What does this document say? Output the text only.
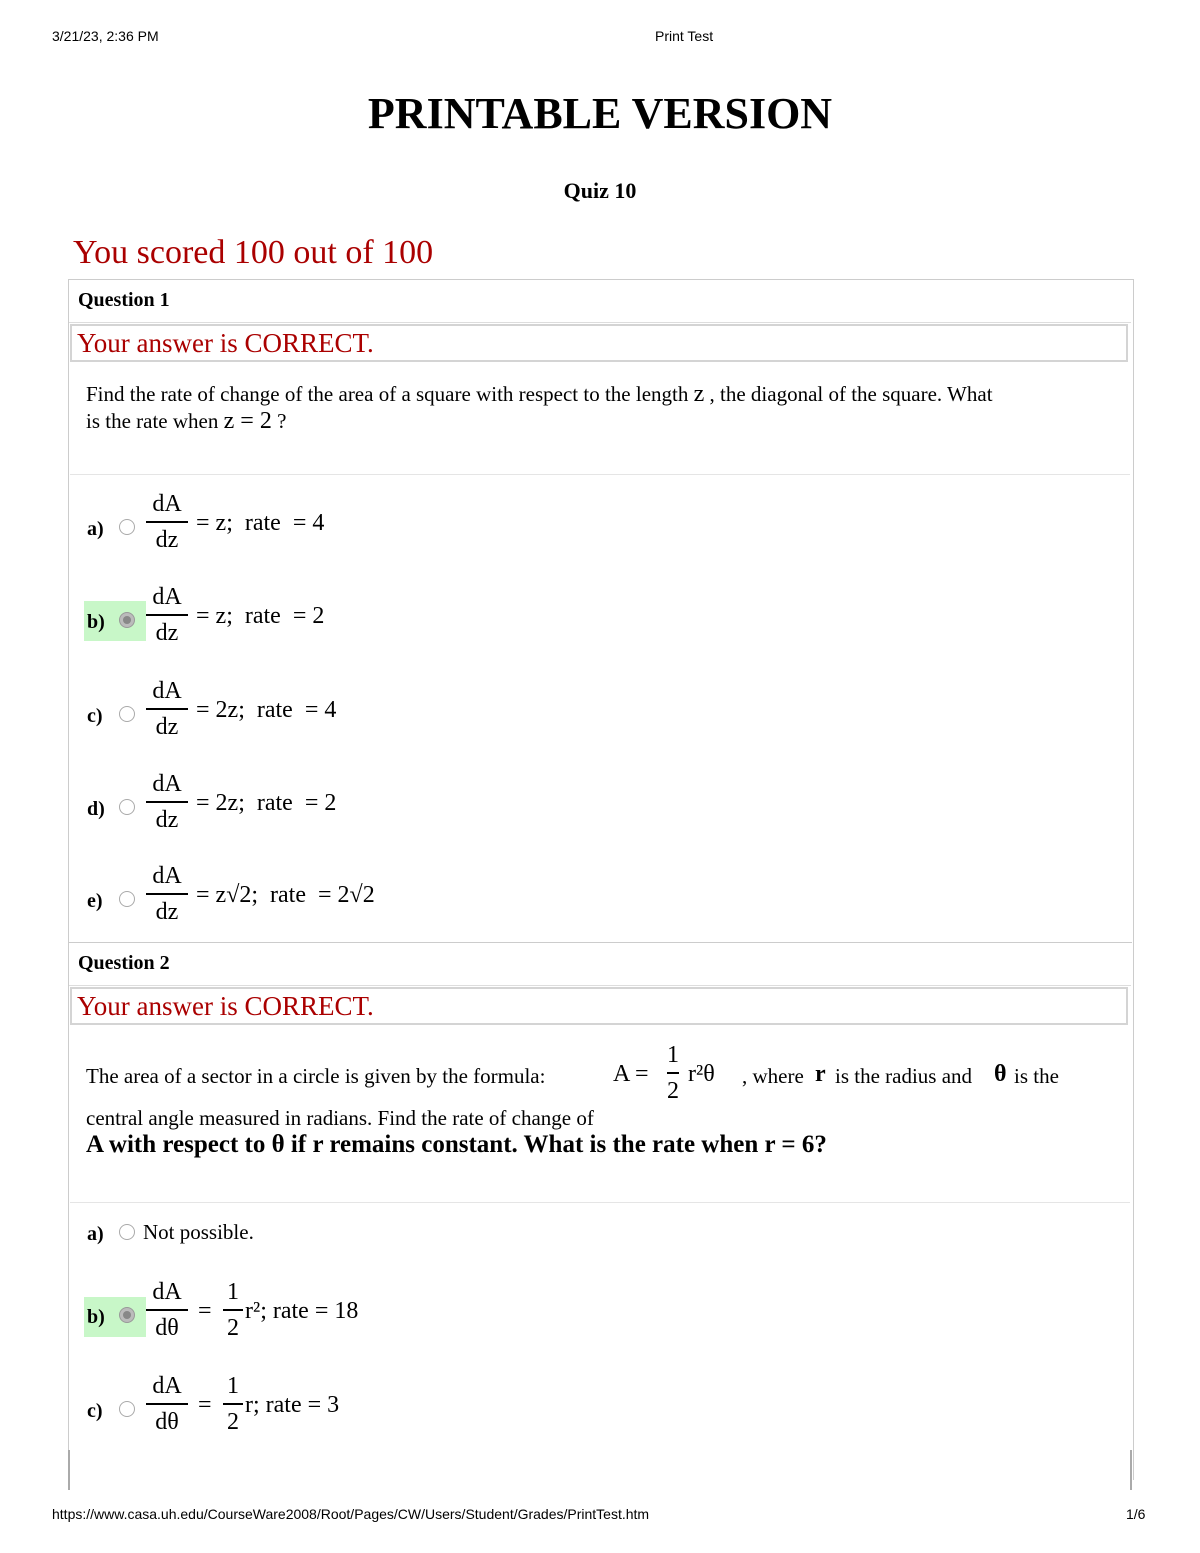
3/21/23, 2:36 PM	Print Test
https://www.casa.uh.edu/CourseWare2008/Root/Pages/CW/Users/Student/Grades/PrintTest.htm	1/6
PRINTABLE VERSION
Quiz 10
You scored 100 out of 100
Question 1
Your answer is CORRECT.
Find the rate of change of the area of a square with respect to the length z , the diagonal of the square. What
is the rate when z = 2 ?
a)
dA
dz
= z;  rate  = 4
b)
dA
dz
= z;  rate  = 2
c)
dA
dz
= 2z;  rate  = 4
d)
dA
dz
= 2z;  rate  = 2
e)
dA
dz
= z√2;  rate  = 2√2
Question 2
Your answer is CORRECT.
The area of a sector in a circle is given by the formula:	A =
1
2
r²θ , where r is the radius and θ is the
central angle measured in radians. Find the rate of change of
A with respect to θ if r remains constant. What is the rate when r = 6?
a) Not possible.
b)
dA
dθ
=
1
2
r²; rate = 18
c)
dA
dθ
=
1
2
r; rate = 3
